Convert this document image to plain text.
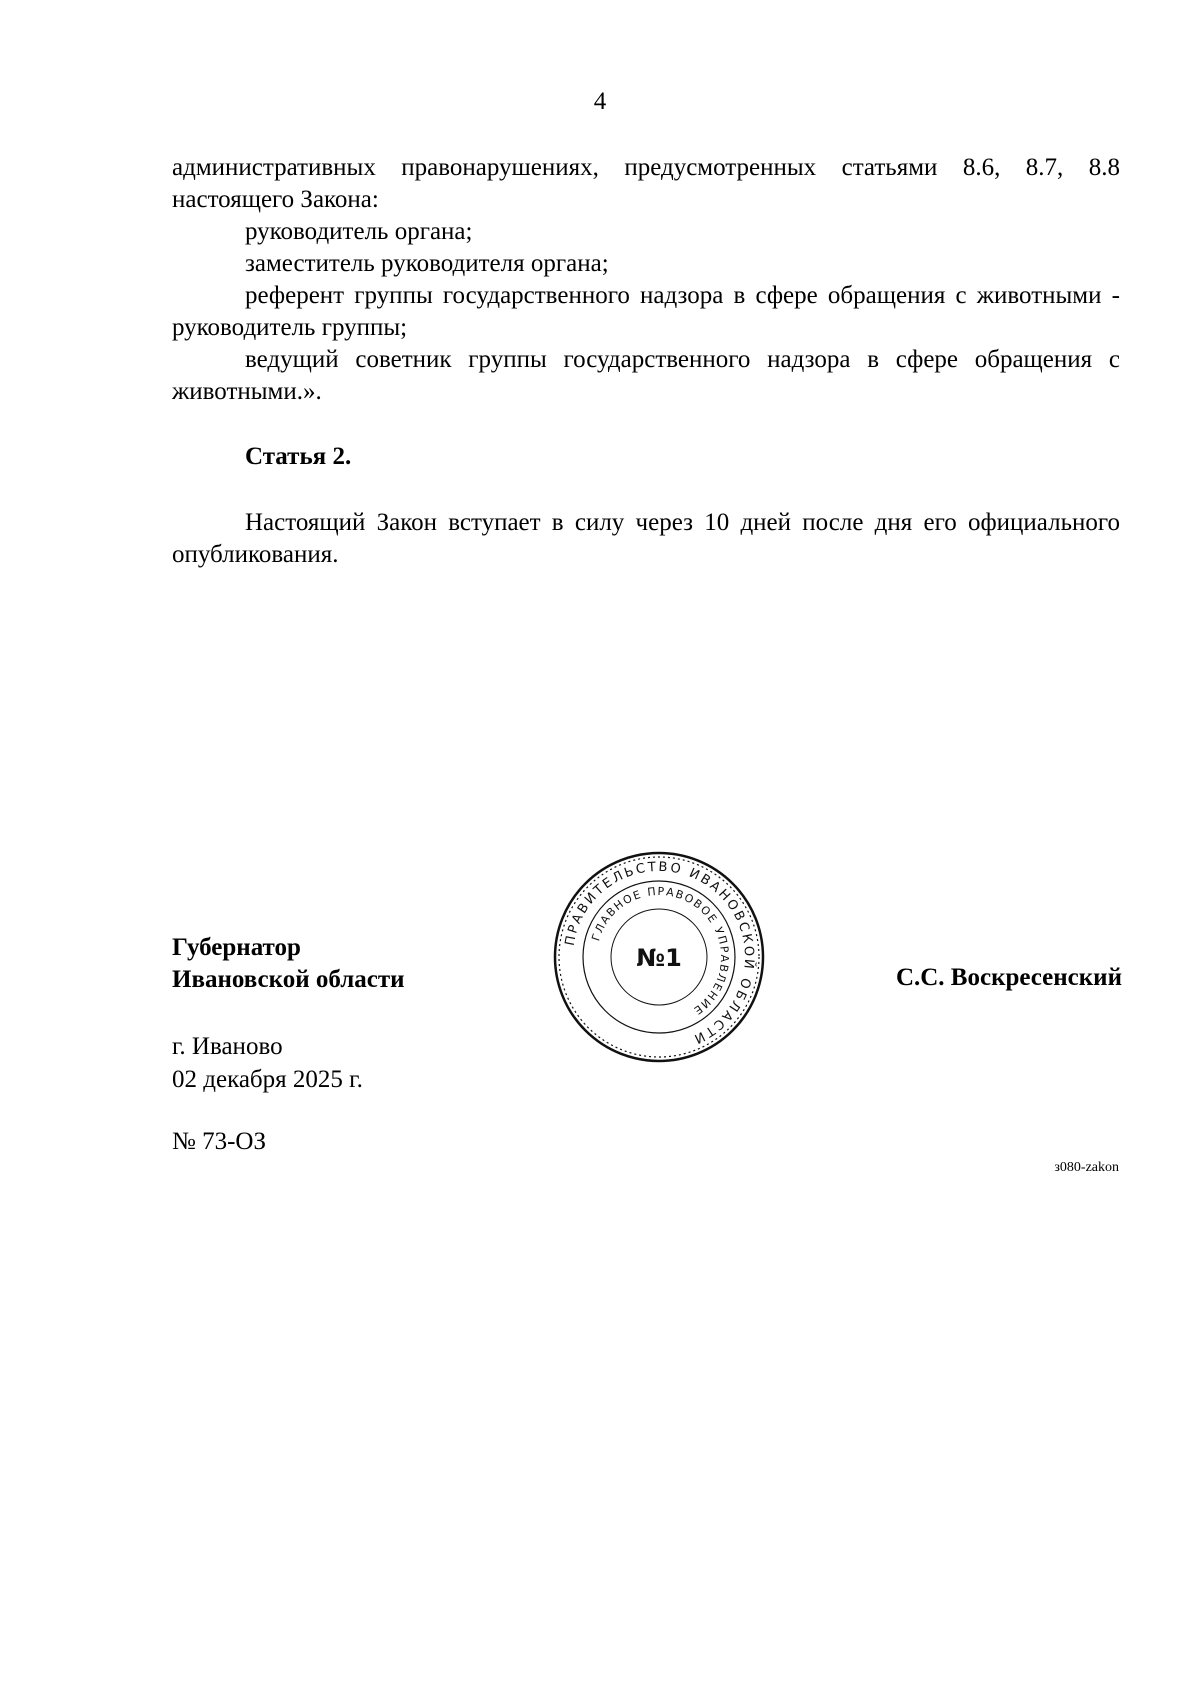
4

административных правонарушениях, предусмотренных статьями 8.6, 8.7, 8.8 настоящего Закона:

руководитель органа;

заместитель руководителя органа;

референт группы государственного надзора в сфере обращения с животными - руководитель группы;

ведущий советник группы государственного надзора в сфере обращения с животными.».

Статья 2.

Настоящий Закон вступает в силу через 10 дней после дня его официального опубликования.

Губернатор
Ивановской области
ПРАВИТЕЛЬСТВО ИВАНОВСКОЙ ОБЛАСТИ
ГЛАВНОЕ ПРАВОВОЕ УПРАВЛЕНИЕ
№1
С.С. Воскресенский
г. Иваново
02 декабря 2025 г.
№ 73-ОЗ
з080-zakon
